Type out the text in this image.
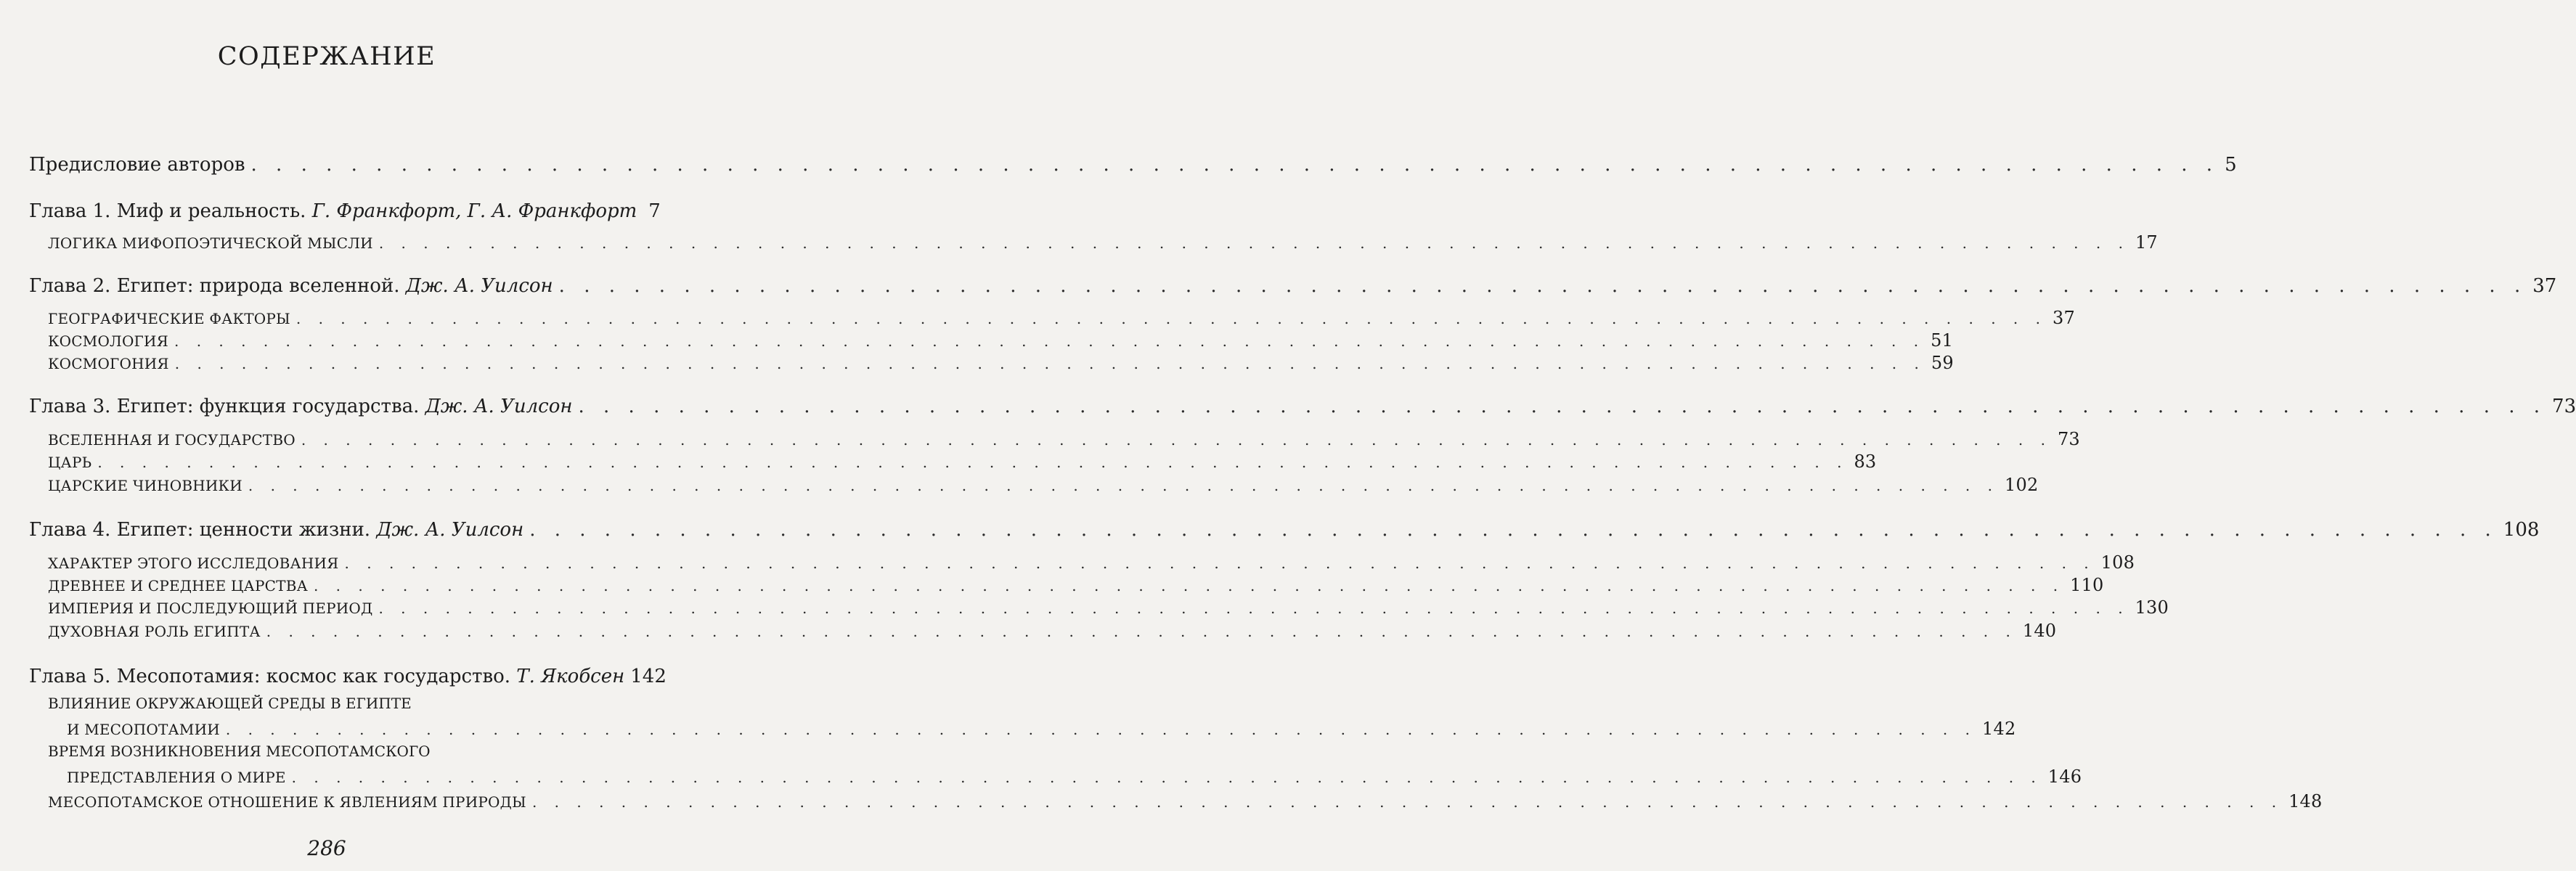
СОДЕРЖАНИЕ
Предисловие авторов . . .	5
Глава 1. Миф и реальность.
Г. Франкфорт, Г. А. Франкфорт 7
ЛОГИКА МИФОПОЭТИЧЕСКОЙ МЫСЛИ . . .	17
Глава 2. Египет: природа вселенной.
Дж. А. Уилсон . . .	37
ГЕОГРАФИЧЕСКИЕ ФАКТОРЫ . . .	37
КОСМОЛОГИЯ . . .	51
КОСМОГОНИЯ . . .	59
Глава 3. Египет: функция государства.
Дж. А. Уилсон . . .	73
ВСЕЛЕННАЯ И ГОСУДАРСТВО . . .	73
ЦАРЬ . . .	83
ЦАРСКИЕ ЧИНОВНИКИ . . .	102
Глава 4. Египет: ценности жизни.
Дж. А. Уилсон . . .	108
ХАРАКТЕР ЭТОГО ИССЛЕДОВАНИЯ . . .	108
ДРЕВНЕЕ И СРЕДНЕЕ ЦАРСТВА . . .	110
ИМПЕРИЯ И ПОСЛЕДУЮЩИЙ ПЕРИОД . . .	130
ДУХОВНАЯ РОЛЬ ЕГИПТА . . .	140
Глава 5. Месопотамия: космос как государство.
Т. Якобсен 142
ВЛИЯНИЕ ОКРУЖАЮЩЕЙ СРЕДЫ В ЕГИПТЕ
И МЕСОПОТАМИИ . . .	142
ВРЕМЯ ВОЗНИКНОВЕНИЯ МЕСОПОТАМСКОГО
ПРЕДСТАВЛЕНИЯ О МИРЕ . . .	146
МЕСОПОТАМСКОЕ ОТНОШЕНИЕ К ЯВЛЕНИЯМ ПРИРОДЫ . . .	148
286
